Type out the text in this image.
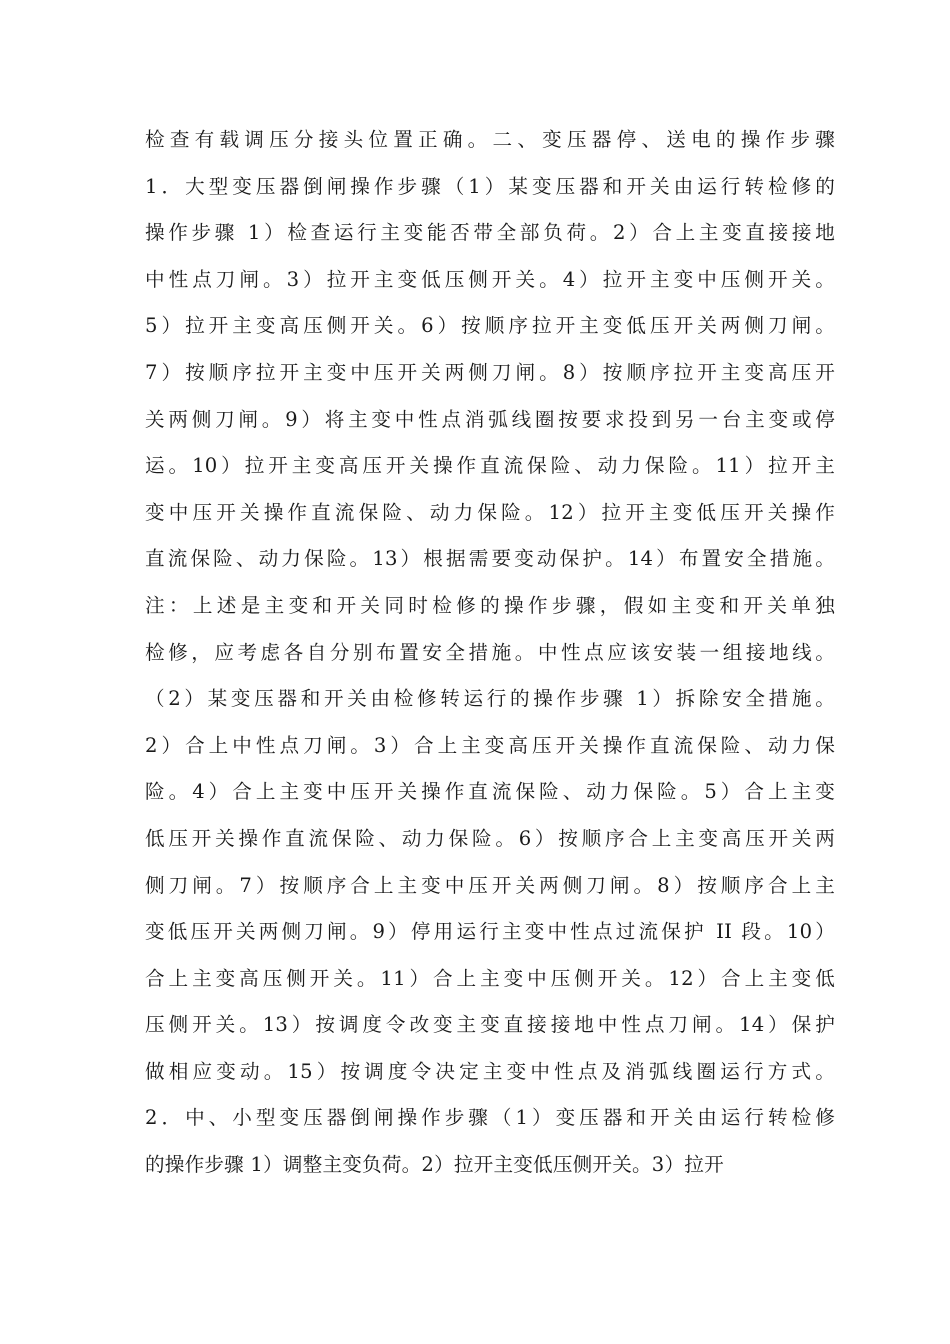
检查有载调压分接头位置正确。二、变压器停、送电的操作步骤
1．大型变压器倒闸操作步骤（1）某变压器和开关由运行转检修的
操作步骤 1）检查运行主变能否带全部负荷。2）合上主变直接接地
中性点刀闸。3）拉开主变低压侧开关。4）拉开主变中压侧开关。
5）拉开主变高压侧开关。6）按顺序拉开主变低压开关两侧刀闸。
7）按顺序拉开主变中压开关两侧刀闸。8）按顺序拉开主变高压开
关两侧刀闸。9）将主变中性点消弧线圈按要求投到另一台主变或停
运。10）拉开主变高压开关操作直流保险、动力保险。11）拉开主
变中压开关操作直流保险、动力保险。12）拉开主变低压开关操作
直流保险、动力保险。13）根据需要变动保护。14）布置安全措施。
注：上述是主变和开关同时检修的操作步骤，假如主变和开关单独
检修，应考虑各自分别布置安全措施。中性点应该安装一组接地线。
（2）某变压器和开关由检修转运行的操作步骤 1）拆除安全措施。
2）合上中性点刀闸。3）合上主变高压开关操作直流保险、动力保
险。4）合上主变中压开关操作直流保险、动力保险。5）合上主变
低压开关操作直流保险、动力保险。6）按顺序合上主变高压开关两
侧刀闸。7）按顺序合上主变中压开关两侧刀闸。8）按顺序合上主
变低压开关两侧刀闸。9）停用运行主变中性点过流保护 II 段。10）
合上主变高压侧开关。11）合上主变中压侧开关。12）合上主变低
压侧开关。13）按调度令改变主变直接接地中性点刀闸。14）保护
做相应变动。15）按调度令决定主变中性点及消弧线圈运行方式。
2．中、小型变压器倒闸操作步骤（1）变压器和开关由运行转检修
的操作步骤 1）调整主变负荷。2）拉开主变低压侧开关。3）拉开
